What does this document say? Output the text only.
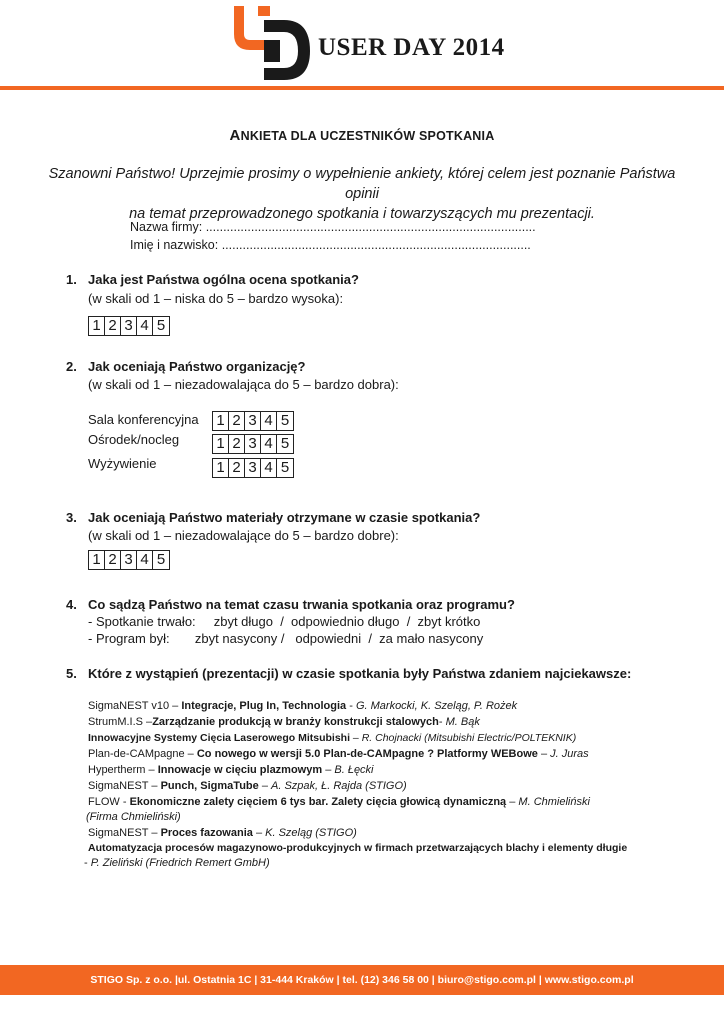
USER DAY 2014
ANKIETA DLA UCZESTNIKÓW SPOTKANIA
Szanowni Państwo! Uprzejmie prosimy o wypełnienie ankiety, której celem jest poznanie Państwa opinii
na temat przeprowadzonego spotkania i towarzyszących mu prezentacji.
Nazwa firmy: ...............................................................................................
Imię i nazwisko: .........................................................................................
1. Jaka jest Państwa ogólna ocena spotkania?
(w skali od 1 – niska do 5 – bardzo wysoka):
1 2 3 4 5
2. Jak oceniają Państwo organizację?
(w skali od 1 – niezadowalająca do 5 – bardzo dobra):
Sala konferencyjna 1 2 3 4 5
Ośrodek/nocleg 1 2 3 4 5
Wyżywienie	1 2 3 4 5
3. Jak oceniają Państwo materiały otrzymane w czasie spotkania?
(w skali od 1 – niezadowalające do 5 – bardzo dobre):
1 2 3 4 5
4. Co sądzą Państwo na temat czasu trwania spotkania oraz programu?
- Spotkanie trwało:     zbyt długo  /  odpowiednio długo  /  zbyt krótko
- Program był:       zbyt nasycony /   odpowiedni  /  za mało nasycony
5. Które z wystąpień (prezentacji) w czasie spotkania były Państwa zdaniem najciekawsze:
SigmaNEST v10 – Integracje, Plug In, Technologia - G. Markocki, K. Szeląg, P. Rożek
StrumM.I.S –Zarządzanie produkcją w branży konstrukcji stalowych- M. Bąk
Innowacyjne Systemy Cięcia Laserowego Mitsubishi – R. Chojnacki (Mitsubishi Electric/POLTEKNIK)
Plan-de-CAMpagne – Co nowego w wersji 5.0 Plan-de-CAMpagne ? Platformy WEBowe – J. Juras
Hypertherm – Innowacje w cięciu plazmowym – B. Łęcki
SigmaNEST – Punch, SigmaTube – A. Szpak, Ł. Rajda (STIGO)
FLOW - Ekonomiczne zalety cięciem 6 tys bar. Zalety cięcia głowicą dynamiczną – M. Chmieliński
(Firma Chmieliński)
SigmaNEST – Proces fazowania – K. Szeląg (STIGO)
Automatyzacja procesów magazynowo-produkcyjnych w firmach przetwarzających blachy i elementy długie
- P. Zieliński (Friedrich Remert GmbH)
STIGO Sp. z o.o. |ul. Ostatnia 1C | 31-444 Kraków | tel. (12) 346 58 00 | biuro@stigo.com.pl | www.stigo.com.pl
